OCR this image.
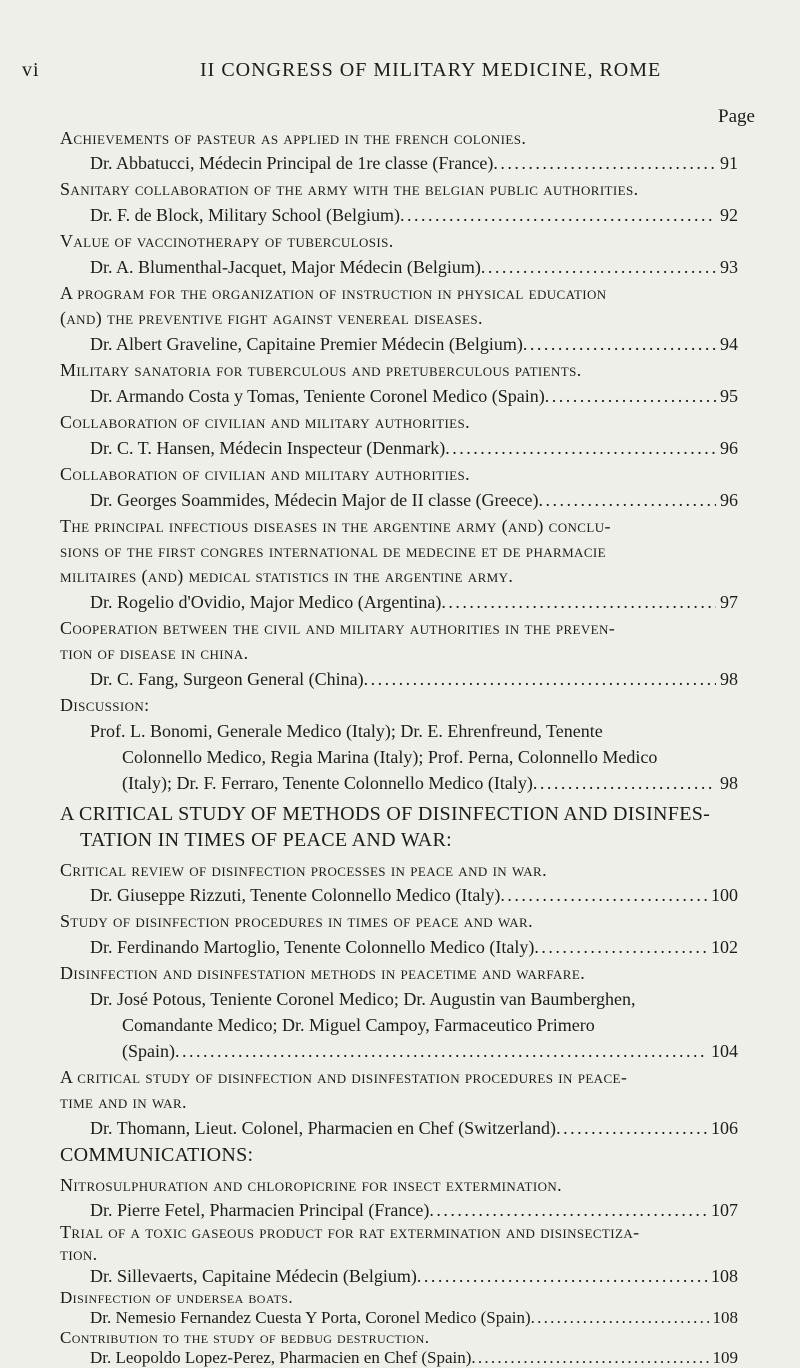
vi	II CONGRESS OF MILITARY MEDICINE, ROME
Page
Achievements of pasteur as applied in the french colonies.
Dr. Abbatucci, Médecin Principal de 1re classe (France) . . .	91
Sanitary collaboration of the army with the belgian public authorities.
Dr. F. de Block, Military School (Belgium) . . .	92
Value of vaccinotherapy of tuberculosis.
Dr. A. Blumenthal-Jacquet, Major Médecin (Belgium) . . .	93
A program for the organization of instruction in physical education
(and) the preventive fight against venereal diseases.
Dr. Albert Graveline, Capitaine Premier Médecin (Belgium) . . .	94
Military sanatoria for tuberculous and pretuberculous patients.
Dr. Armando Costa y Tomas, Teniente Coronel Medico (Spain) . . .	95
Collaboration of civilian and military authorities.
Dr. C. T. Hansen, Médecin Inspecteur (Denmark) . . .	96
Collaboration of civilian and military authorities.
Dr. Georges Soammides, Médecin Major de II classe (Greece) . . .	96
The principal infectious diseases in the argentine army (and) conclu-
sions of the first congres international de medecine et de pharmacie
militaires (and) medical statistics in the argentine army.
Dr. Rogelio d'Ovidio, Major Medico (Argentina) . . .	97
Cooperation between the civil and military authorities in the preven-
tion of disease in china.
Dr. C. Fang, Surgeon General (China) . . .	98
Discussion:
Prof. L. Bonomi, Generale Medico (Italy); Dr. E. Ehrenfreund, Tenente
Colonnello Medico, Regia Marina (Italy); Prof. Perna, Colonnello Medico
(Italy); Dr. F. Ferraro, Tenente Colonnello Medico (Italy) . . .	98
A CRITICAL STUDY OF METHODS OF DISINFECTION AND DISINFES-
TATION IN TIMES OF PEACE AND WAR:
Critical review of disinfection processes in peace and in war.
Dr. Giuseppe Rizzuti, Tenente Colonnello Medico (Italy) . . .	100
Study of disinfection procedures in times of peace and war.
Dr. Ferdinando Martoglio, Tenente Colonnello Medico (Italy) . . .	102
Disinfection and disinfestation methods in peacetime and warfare.
Dr. José Potous, Teniente Coronel Medico; Dr. Augustin van Baumberghen,
Comandante Medico; Dr. Miguel Campoy, Farmaceutico Primero
(Spain) . . .	104
A critical study of disinfection and disinfestation procedures in peace-
time and in war.
Dr. Thomann, Lieut. Colonel, Pharmacien en Chef (Switzerland) . . .	106
COMMUNICATIONS:
Nitrosulphuration and chloropicrine for insect extermination.
Dr. Pierre Fetel, Pharmacien Principal (France) . . .	107
Trial of a toxic gaseous product for rat extermination and disinsectiza-
tion.
Dr. Sillevaerts, Capitaine Médecin (Belgium) . . .	108
Disinfection of undersea boats.
Dr. Nemesio Fernandez Cuesta Y Porta, Coronel Medico (Spain) . . .	108
Contribution to the study of bedbug destruction.
Dr. Leopoldo Lopez-Perez, Pharmacien en Chef (Spain) . . .	109
